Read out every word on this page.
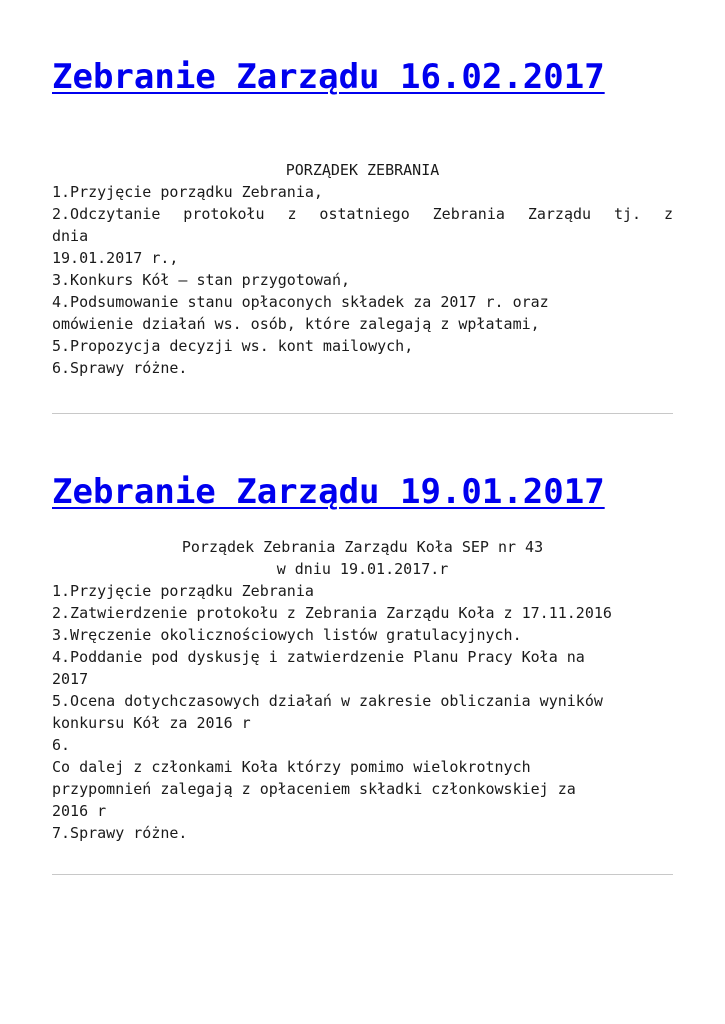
Zebranie Zarządu 16.02.2017
PORZĄDEK ZEBRANIA
1.Przyjęcie porządku Zebrania,
2.Odczytanie protokołu z ostatniego Zebrania Zarządu tj. z
dnia
19.01.2017 r.,
3.Konkurs Kół – stan przygotowań,
4.Podsumowanie stanu opłaconych składek za 2017 r. oraz
omówienie działań ws. osób, które zalegają z wpłatami,
5.Propozycja decyzji ws. kont mailowych,
6.Sprawy różne.
Zebranie Zarządu 19.01.2017
Porządek Zebrania Zarządu Koła SEP nr 43
w dniu 19.01.2017.r
1.Przyjęcie porządku Zebrania
2.Zatwierdzenie protokołu z Zebrania Zarządu Koła z 17.11.2016
3.Wręczenie okolicznościowych listów gratulacyjnych.
4.Poddanie pod dyskusję i zatwierdzenie Planu Pracy Koła na
2017
5.Ocena dotychczasowych działań w zakresie obliczania wyników
konkursu Kół za 2016 r
6.
Co dalej z członkami Koła którzy pomimo wielokrotnych
przypomnień zalegają z opłaceniem składki członkowskiej za
2016 r
7.Sprawy różne.
